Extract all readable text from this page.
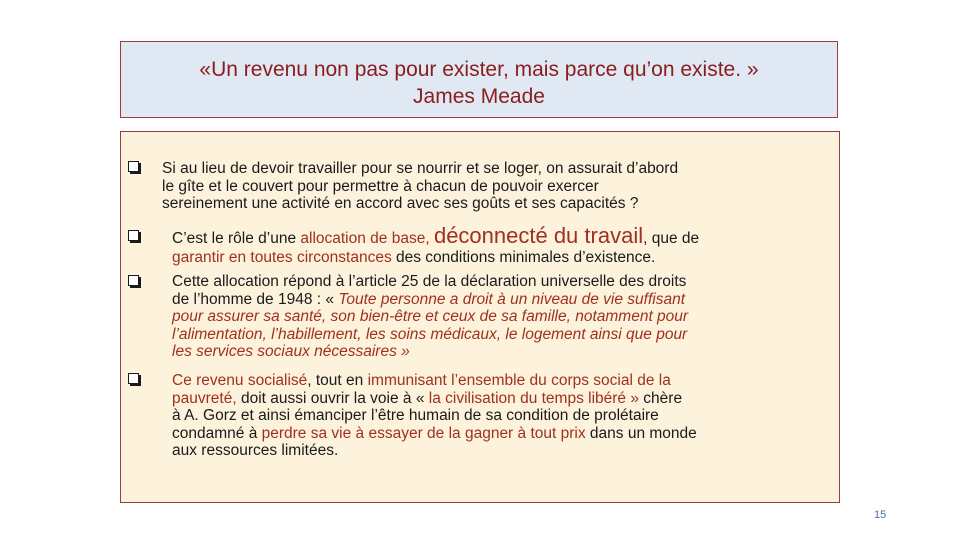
«Un revenu non pas pour exister, mais parce qu’on existe. »
James Meade
Si au lieu de devoir travailler pour se nourrir et se loger, on assurait d’abord
le gîte et le couvert pour permettre à chacun de pouvoir exercer
sereinement une activité en accord avec ses goûts et ses capacités ?
C’est le rôle d’une allocation de base, déconnecté du travail, que de
garantir en toutes circonstances des conditions minimales d’existence.
Cette allocation répond à l’article 25 de la déclaration universelle des droits
de l’homme de 1948 : « Toute personne a droit à un niveau de vie suffisant
pour assurer sa santé, son bien-être et ceux de sa famille, notamment pour
l’alimentation, l’habillement, les soins médicaux, le logement ainsi que pour
les services sociaux nécessaires »
Ce revenu socialisé, tout en immunisant l’ensemble du corps social de la
pauvreté, doit aussi ouvrir la voie à « la civilisation du temps libéré » chère
à A. Gorz et ainsi émanciper l’être humain de sa condition de prolétaire
condamné à perdre sa vie à essayer de la gagner à tout prix dans un monde
aux ressources limitées.
15
